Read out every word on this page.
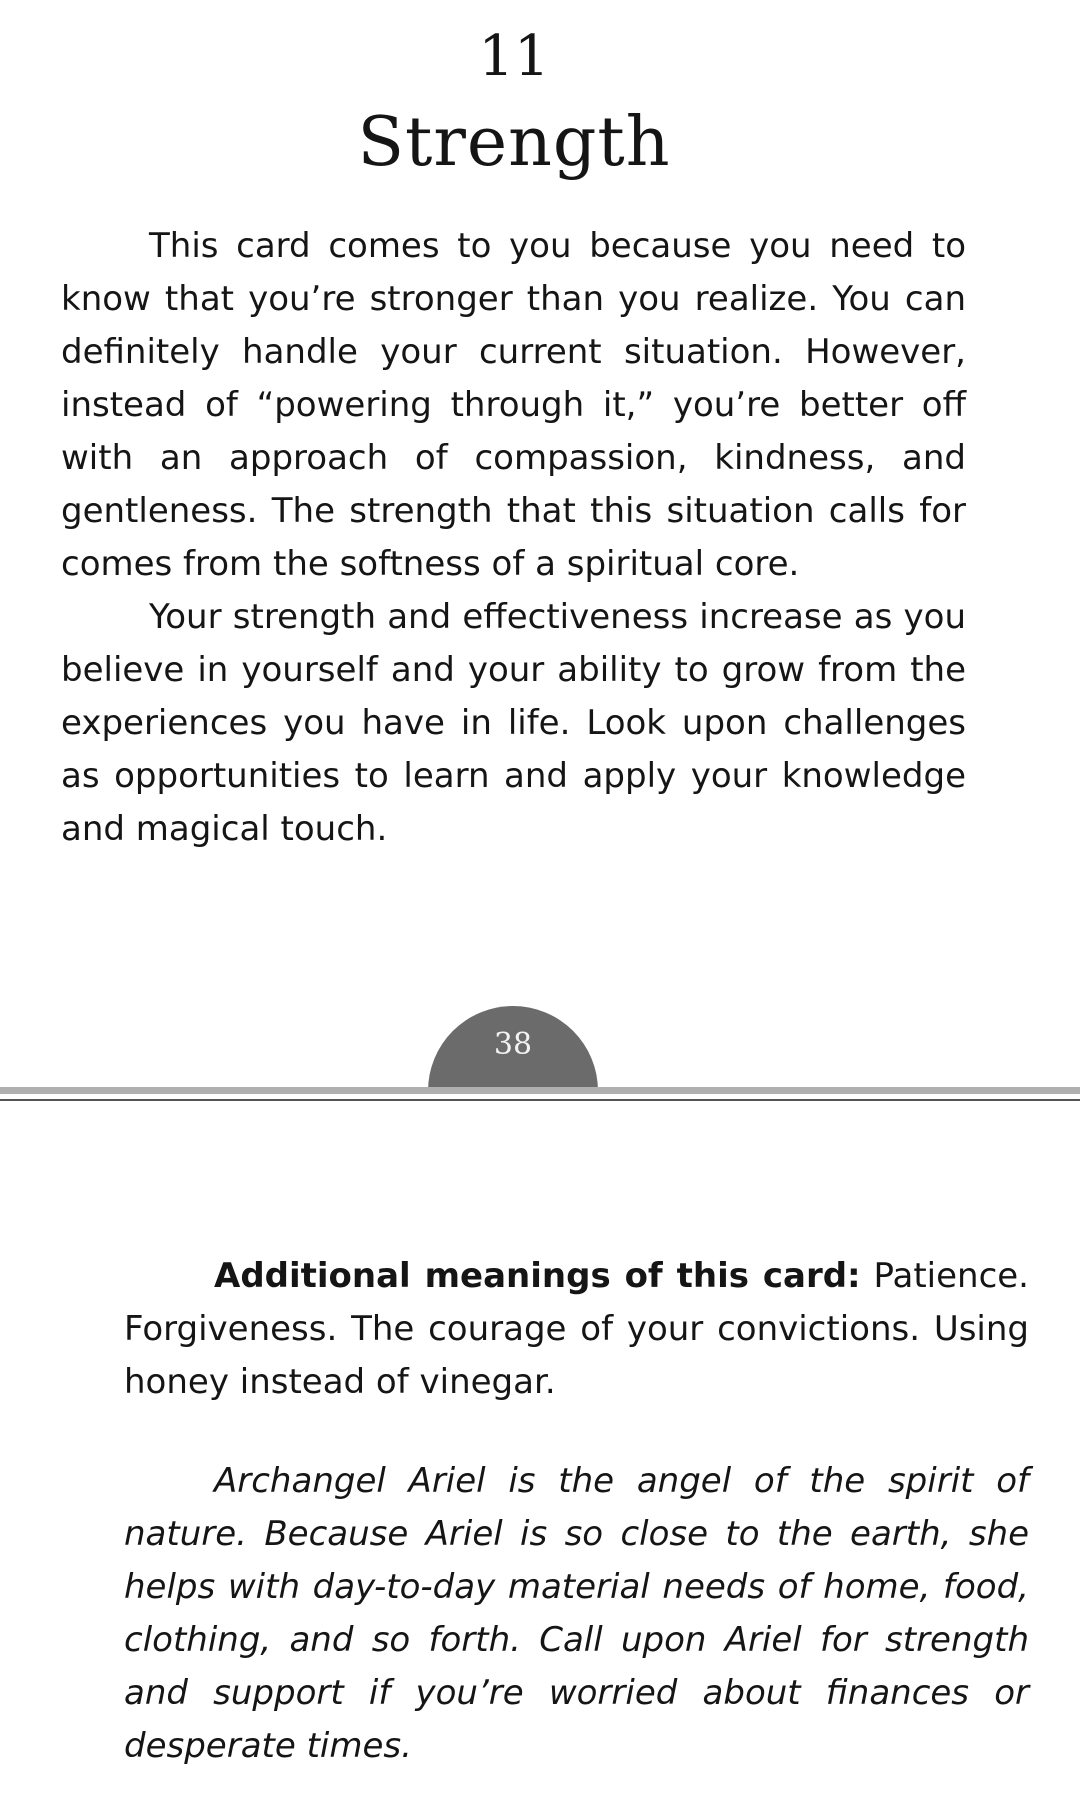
11
Strength

This card comes to you because you need to know that you’re stronger than you realize. You can definitely handle your current situation. However, instead of “powering through it,” you’re better off with an approach of compassion, kindness, and gentleness. The strength that this situation calls for comes from the softness of a spiritual core.

Your strength and effectiveness increase as you believe in yourself and your ability to grow from the experiences you have in life. Look upon challenges as opportunities to learn and apply your knowledge and magical touch.

38

Additional meanings of this card: Patience. Forgiveness. The courage of your convictions. Using honey instead of vinegar.

Archangel Ariel is the angel of the spirit of nature. Because Ariel is so close to the earth, she helps with day-to-day material needs of home, food, clothing, and so forth. Call upon Ariel for strength and support if you’re worried about finances or desperate times.
